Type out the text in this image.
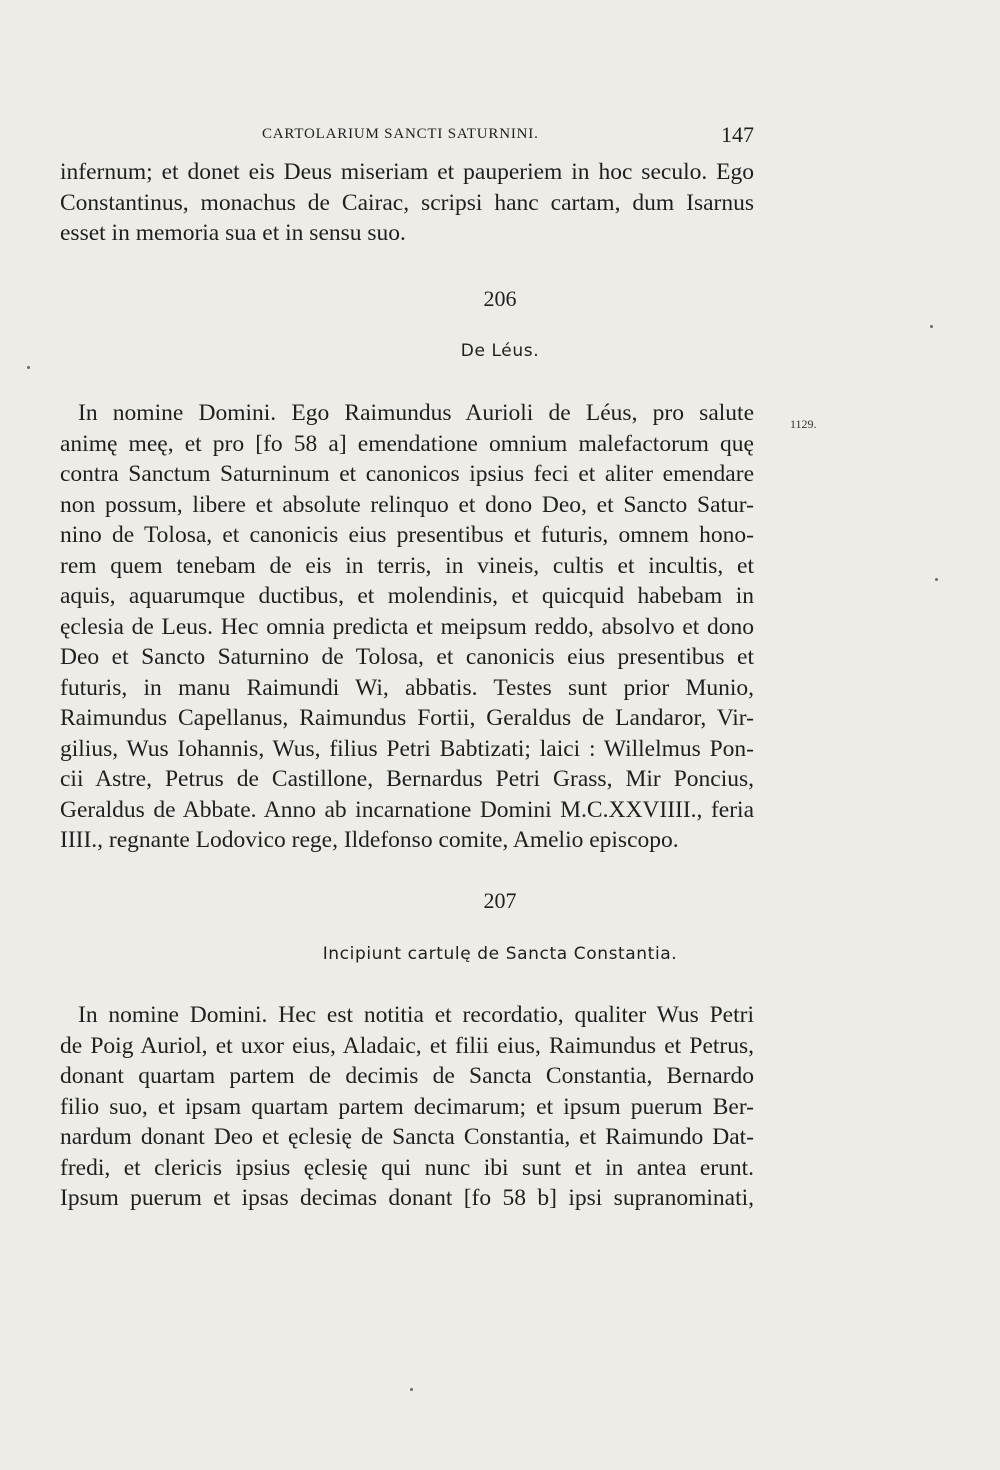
CARTOLARIUM SANCTI SATURNINI.	147
infernum; et donet eis Deus miseriam et pauperiem in hoc seculo. Ego
Constantinus, monachus de Cairac, scripsi hanc cartam, dum Isarnus
esset in memoria sua et in sensu suo.
206
De Léus.
1129.
In nomine Domini. Ego Raimundus Aurioli de Léus, pro salute
animę meę, et pro [fo 58 a] emendatione omnium malefactorum quę
contra Sanctum Saturninum et canonicos ipsius feci et aliter emendare
non possum, libere et absolute relinquo et dono Deo, et Sancto Satur-
nino de Tolosa, et canonicis eius presentibus et futuris, omnem hono-
rem quem tenebam de eis in terris, in vineis, cultis et incultis, et
aquis, aquarumque ductibus, et molendinis, et quicquid habebam in
ęclesia de Leus. Hec omnia predicta et meipsum reddo, absolvo et dono
Deo et Sancto Saturnino de Tolosa, et canonicis eius presentibus et
futuris, in manu Raimundi Wi, abbatis. Testes sunt prior Munio,
Raimundus Capellanus, Raimundus Fortii, Geraldus de Landaror, Vir-
gilius, Wus Iohannis, Wus, filius Petri Babtizati; laici : Willelmus Pon-
cii Astre, Petrus de Castillone, Bernardus Petri Grass, Mir Poncius,
Geraldus de Abbate. Anno ab incarnatione Domini M.C.XXVIIII., feria
IIII., regnante Lodovico rege, Ildefonso comite, Amelio episcopo.
207
Incipiunt cartulę de Sancta Constantia.
In nomine Domini. Hec est notitia et recordatio, qualiter Wus Petri
de Poig Auriol, et uxor eius, Aladaic, et filii eius, Raimundus et Petrus,
donant quartam partem de decimis de Sancta Constantia, Bernardo
filio suo, et ipsam quartam partem decimarum; et ipsum puerum Ber-
nardum donant Deo et ęclesię de Sancta Constantia, et Raimundo Dat-
fredi, et clericis ipsius ęclesię qui nunc ibi sunt et in antea erunt.
Ipsum puerum et ipsas decimas donant [fo 58 b] ipsi supranominati,
